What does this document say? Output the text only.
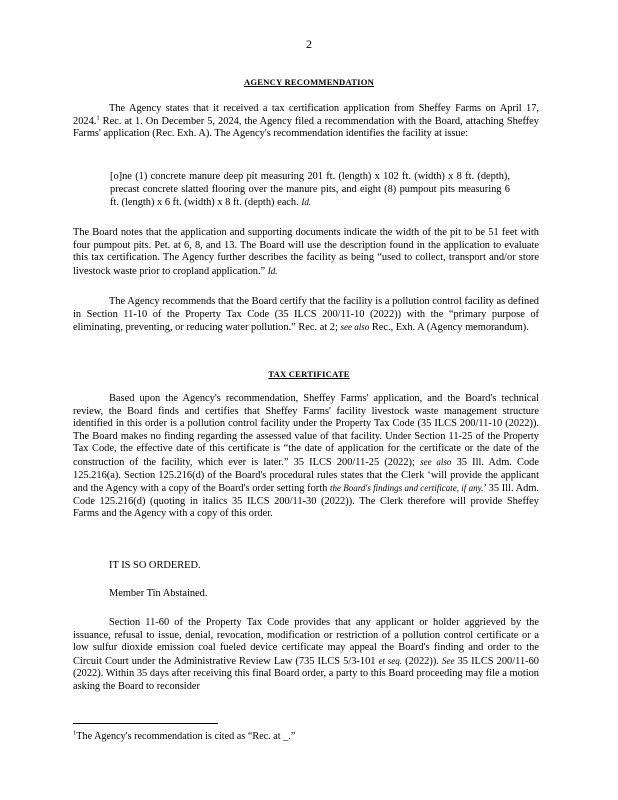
2
AGENCY RECOMMENDATION

The Agency states that it received a tax certification application from Sheffey Farms on April 17, 2024.$^1$ Rec. at 1. On December 5, 2024, the Agency filed a recommendation with the Board, attaching Sheffey Farms' application (Rec. Exh. A). The Agency's recommendation identifies the facility at issue:

[o]ne (1) concrete manure deep pit measuring 201 ft. (length) x 102 ft. (width) x 8 ft. (depth), precast concrete slatted flooring over the manure pits, and eight (8) pumpout pits measuring 6 ft. (length) x 6 ft. (width) x 8 ft. (depth) each. Id.

The Board notes that the application and supporting documents indicate the width of the pit to be 51 feet with four pumpout pits. Pet. at 6, 8, and 13. The Board will use the description found in the application to evaluate this tax certification. The Agency further describes the facility as being “used to collect, transport and/or store livestock waste prior to cropland application.” Id.

The Agency recommends that the Board certify that the facility is a pollution control facility as defined in Section 11-10 of the Property Tax Code (35 ILCS 200/11-10 (2022)) with the “primary purpose of eliminating, preventing, or reducing water pollution.” Rec. at 2; see also Rec., Exh. A (Agency memorandum).

TAX CERTIFICATE

Based upon the Agency's recommendation, Sheffey Farms' application, and the Board's technical review, the Board finds and certifies that Sheffey Farms' facility livestock waste management structure identified in this order is a pollution control facility under the Property Tax Code (35 ILCS 200/11-10 (2022)). The Board makes no finding regarding the assessed value of that facility. Under Section 11-25 of the Property Tax Code, the effective date of this certificate is “the date of application for the certificate or the date of the construction of the facility, which ever is later.” 35 ILCS 200/11-25 (2022); see also 35 Ill. Adm. Code 125.216(a). Section 125.216(d) of the Board's procedural rules states that the Clerk ‘will provide the applicant and the Agency with a copy of the Board's order setting forth the Board's findings and certificate, if any.’ 35 Ill. Adm. Code 125.216(d) (quoting in italics 35 ILCS 200/11-30 (2022)). The Clerk therefore will provide Sheffey Farms and the Agency with a copy of this order.

IT IS SO ORDERED.

Member Tin Abstained.

Section 11-60 of the Property Tax Code provides that any applicant or holder aggrieved by the issuance, refusal to issue, denial, revocation, modification or restriction of a pollution control certificate or a low sulfur dioxide emission coal fueled device certificate may appeal the Board's finding and order to the Circuit Court under the Administrative Review Law (735 ILCS 5/3-101 et seq. (2022)). See 35 ILCS 200/11-60 (2022). Within 35 days after receiving this final Board order, a party to this Board proceeding may file a motion asking the Board to reconsider

$^1$The Agency's recommendation is cited as “Rec. at _.”
